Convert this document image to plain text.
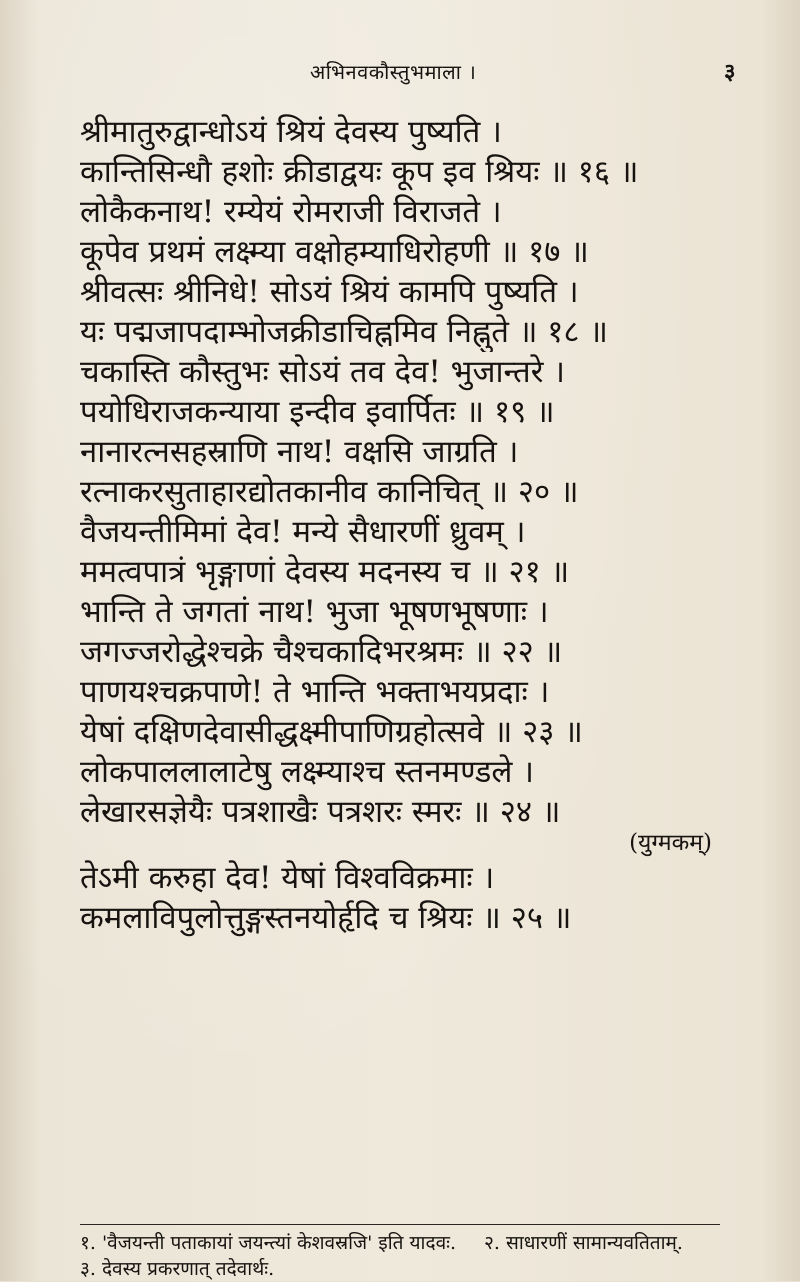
अभिनवकौस्तुभमाला ।	३
श्रीमातुरुद्वान्धोऽयं श्रियं देवस्य पुष्यति ।
कान्तिसिन्धौ हशोः क्रीडाद्वयः कूप इव श्रियः ॥ १६ ॥
लोकैकनाथ! रम्येयं रोमराजी विराजते ।
कूपेव प्रथमं लक्ष्म्या वक्षोहम्याधिरोहणी ॥ १७ ॥
श्रीवत्सः श्रीनिधे! सोऽयं श्रियं कामपि पुष्यति ।
यः पद्मजापदाम्भोजक्रीडाचिह्नमिव निह्नुते ॥ १८ ॥
चकास्ति कौस्तुभः सोऽयं तव देव! भुजान्तरे ।
पयोधिराजकन्याया इन्दीव इवार्पितः ॥ १९ ॥
नानारत्नसहस्राणि नाथ! वक्षसि जाग्रति ।
रत्नाकरसुताहारद्योतकानीव कानिचित् ॥ २० ॥
वैजयन्तीमिमां देव! मन्ये सैधारणीं ध्रुवम् ।
ममत्वपात्रं भृङ्गाणां देवस्य मदनस्य च ॥ २१ ॥
भान्ति ते जगतां नाथ! भुजा भूषणभूषणाः ।
जगज्जरोद्धेश्चक्रे चैश्चकादिभरश्रमः ॥ २२ ॥
पाणयश्चक्रपाणे! ते भान्ति भक्ताभयप्रदाः ।
येषां दक्षिणदेवासीद्धक्ष्मीपाणिग्रहोत्सवे ॥ २३ ॥
लोकपाललालाटेषु लक्ष्म्याश्च स्तनमण्डले ।
लेखारसज्ञेयैः पत्रशाखैः पत्रशरः स्मरः ॥ २४ ॥
(युग्मकम्)
तेऽमी करुहा देव! येषां विश्वविक्रमाः ।
कमलाविपुलोत्तुङ्गस्तनयोर्हृदि च श्रियः ॥ २५ ॥
१. 'वैजयन्ती पताकायां जयन्त्यां केशवस्रजि' इति यादवः. २. साधारणीं सामान्यवतिताम्.
३. देवस्य प्रकरणात् तदेवार्थः.
